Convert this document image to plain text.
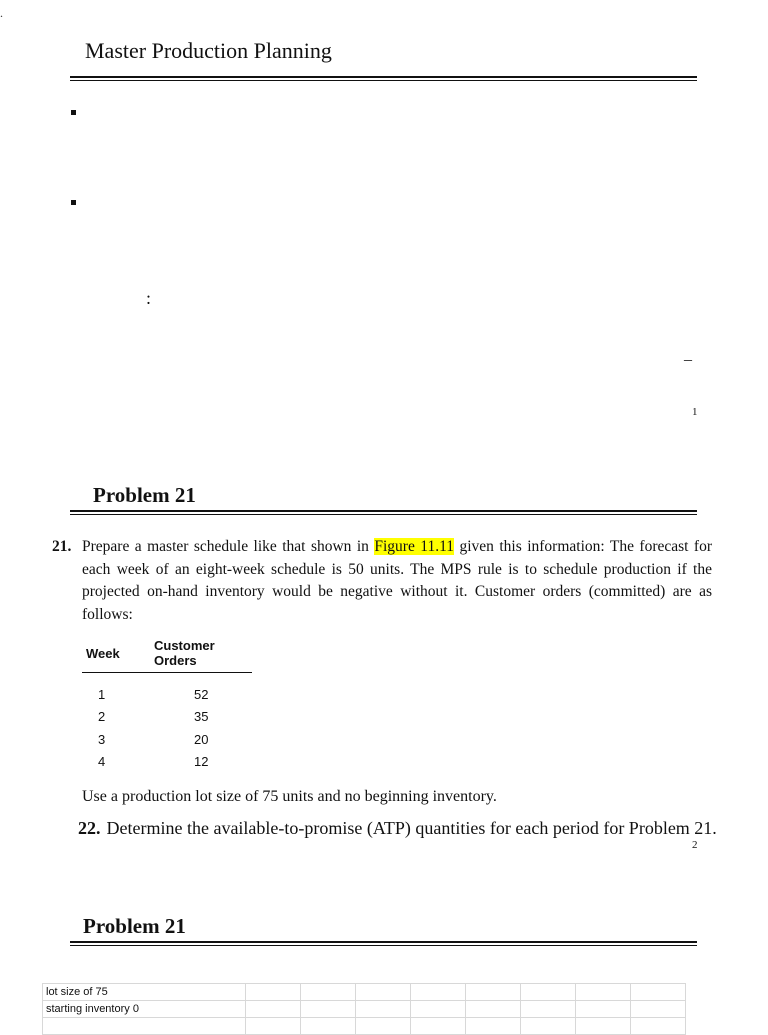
.
Master Production Planning
:
_
1
Problem 21
21. Prepare a master schedule like that shown in Figure 11.11 given this information: The forecast for each week of an eight-week schedule is 50 units. The MPS rule is to schedule production if the projected on-hand inventory would be negative without it. Customer orders (committed) are as follows:
Week	Customer Orders
1	52
2	35
3	20
4	12
Use a production lot size of 75 units and no beginning inventory.
22. Determine the available-to-promise (ATP) quantities for each period for Problem 21.
2
Problem 21
lot size of 75								
starting inventory 0								
